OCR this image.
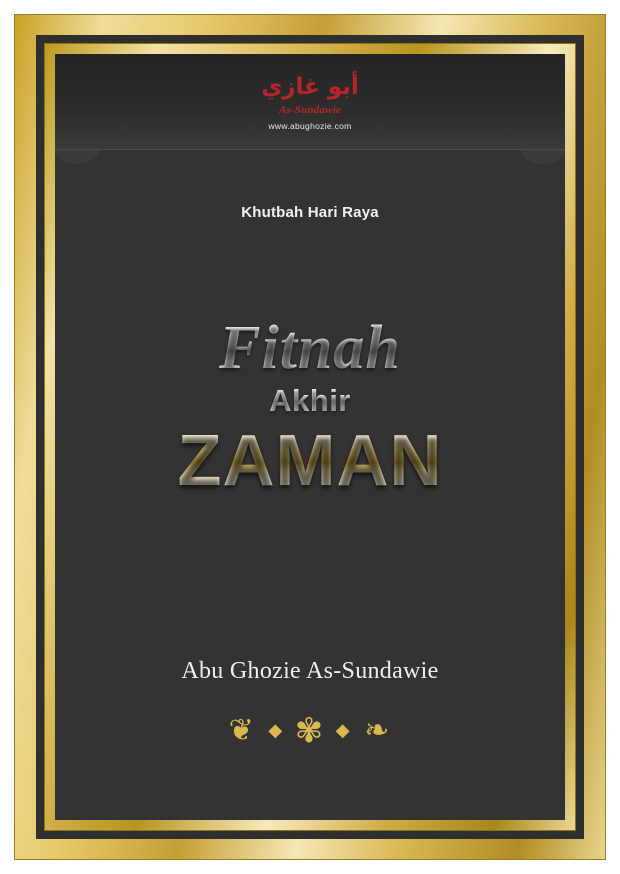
أبو غازي
As-Sundawie
www.abughozie.com
Khutbah Hari Raya
Fitnah
Akhir
ZAMAN
Abu Ghozie As-Sundawie
❦ ◆ ✾ ◆ ❧
